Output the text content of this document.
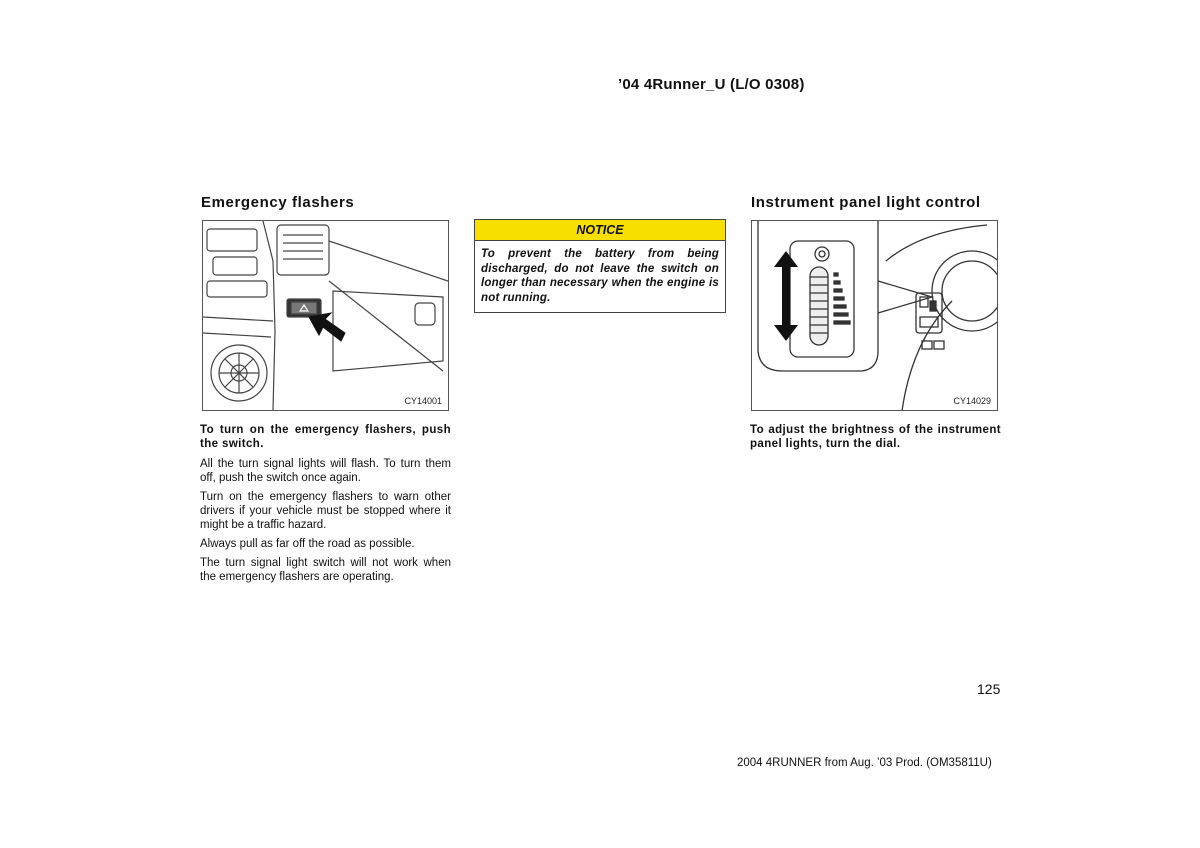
’04 4Runner_U (L/O 0308)
Emergency flashers
CY14001

To turn on the emergency flashers, push the switch.

All the turn signal lights will flash. To turn them off, push the switch once again.

Turn on the emergency flashers to warn other drivers if your vehicle must be stopped where it might be a traffic hazard.

Always pull as far off the road as possible.

The turn signal light switch will not work when the emergency flashers are operating.

NOTICE
To prevent the battery from being discharged, do not leave the switch on longer than necessary when the engine is not running.
Instrument panel light control
CY14029

To adjust the brightness of the instrument panel lights, turn the dial.

125
2004 4RUNNER from Aug. ’03 Prod. (OM35811U)
